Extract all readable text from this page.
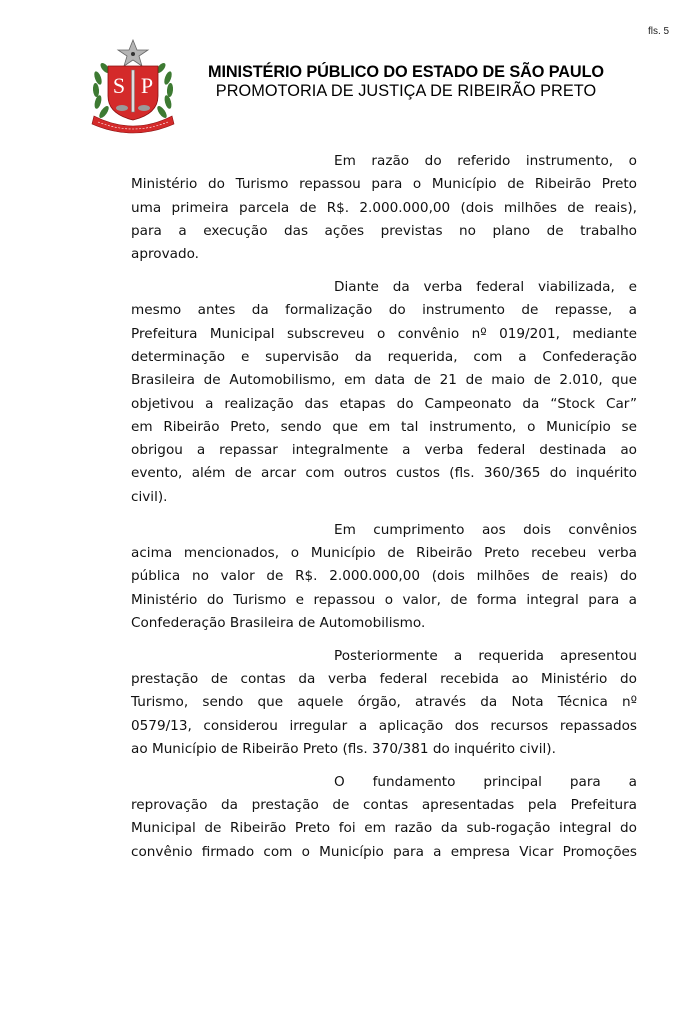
fls. 5
S P
MINISTÉRIO PÚBLICO DO ESTADO DE SÃO PAULO
PROMOTORIA DE JUSTIÇA DE RIBEIRÃO PRETO

Em razão do referido instrumento, o
Ministério do Turismo repassou para o Município de Ribeirão Preto
uma primeira parcela de R$. 2.000.000,00 (dois milhões de reais),
para a execução das ações previstas no plano de trabalho
aprovado.

Diante da verba federal viabilizada, e
mesmo antes da formalização do instrumento de repasse, a
Prefeitura Municipal subscreveu o convênio nº 019/201, mediante
determinação e supervisão da requerida, com a Confederação
Brasileira de Automobilismo, em data de 21 de maio de 2.010, que
objetivou a realização das etapas do Campeonato da “Stock Car”
em Ribeirão Preto, sendo que em tal instrumento, o Município se
obrigou a repassar integralmente a verba federal destinada ao
evento, além de arcar com outros custos (fls. 360/365 do inquérito
civil).

Em cumprimento aos dois convênios
acima mencionados, o Município de Ribeirão Preto recebeu verba
pública no valor de R$. 2.000.000,00 (dois milhões de reais) do
Ministério do Turismo e repassou o valor, de forma integral para a
Confederação Brasileira de Automobilismo.

Posteriormente a requerida apresentou
prestação de contas da verba federal recebida ao Ministério do
Turismo, sendo que aquele órgão, através da Nota Técnica nº
0579/13, considerou irregular a aplicação dos recursos repassados
ao Município de Ribeirão Preto (fls. 370/381 do inquérito civil).

O fundamento principal para a
reprovação da prestação de contas apresentadas pela Prefeitura
Municipal de Ribeirão Preto foi em razão da sub-rogação integral do
convênio firmado com o Município para a empresa Vicar Promoções
